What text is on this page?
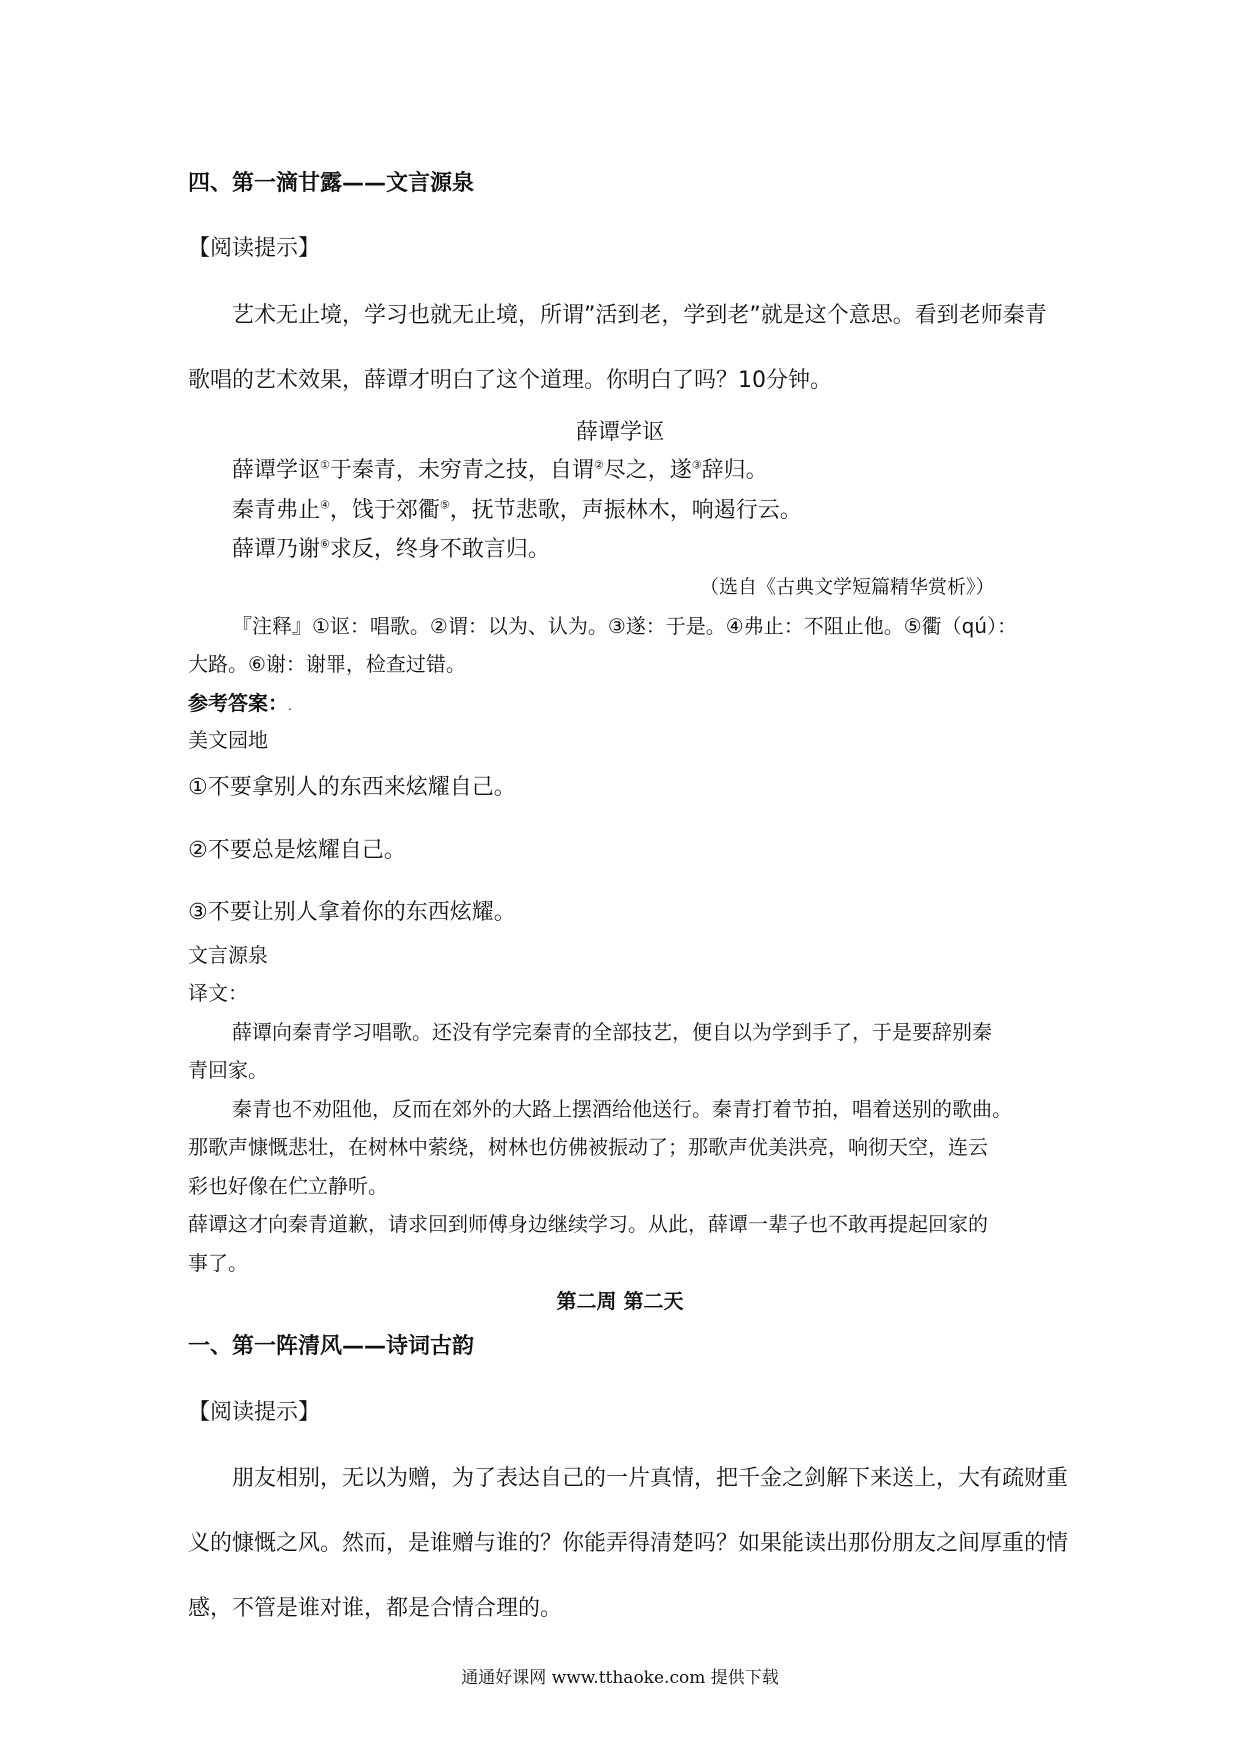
四、第一滴甘露——文言源泉
【阅读提示】
艺术无止境，学习也就无止境，所谓”活到老，学到老”就是这个意思。看到老师秦青
歌唱的艺术效果，薛谭才明白了这个道理。你明白了吗？10分钟。
薛谭学讴
薛谭学讴①于秦青，未穷青之技，自谓②尽之，遂③辞归。
秦青弗止④，饯于郊衢⑤，抚节悲歌，声振林木，响遏行云。
薛谭乃谢⑥求反，终身不敢言归。
（选自《古典文学短篇精华赏析》）
『注释』①讴：唱歌。②谓：以为、认为。③遂：于是。④弗止：不阻止他。⑤衢（qú）：
大路。⑥谢：谢罪，检查过错。
参考答案：.
美文园地
①不要拿别人的东西来炫耀自己。
②不要总是炫耀自己。
③不要让别人拿着你的东西炫耀。
文言源泉
译文：
薛谭向秦青学习唱歌。还没有学完秦青的全部技艺，便自以为学到手了，于是要辞别秦
青回家。
秦青也不劝阻他，反而在郊外的大路上摆酒给他送行。秦青打着节拍，唱着送别的歌曲。
那歌声慷慨悲壮，在树林中萦绕，树林也仿佛被振动了；那歌声优美洪亮，响彻天空，连云
彩也好像在伫立静听。
薛谭这才向秦青道歉，请求回到师傅身边继续学习。从此，薛谭一辈子也不敢再提起回家的
事了。
第二周 第二天
一、第一阵清风——诗词古韵
【阅读提示】
朋友相别，无以为赠，为了表达自己的一片真情，把千金之剑解下来送上，大有疏财重
义的慷慨之风。然而，是谁赠与谁的？你能弄得清楚吗？如果能读出那份朋友之间厚重的情
感，不管是谁对谁，都是合情合理的。
通通好课网 www.tthaoke.com 提供下载
